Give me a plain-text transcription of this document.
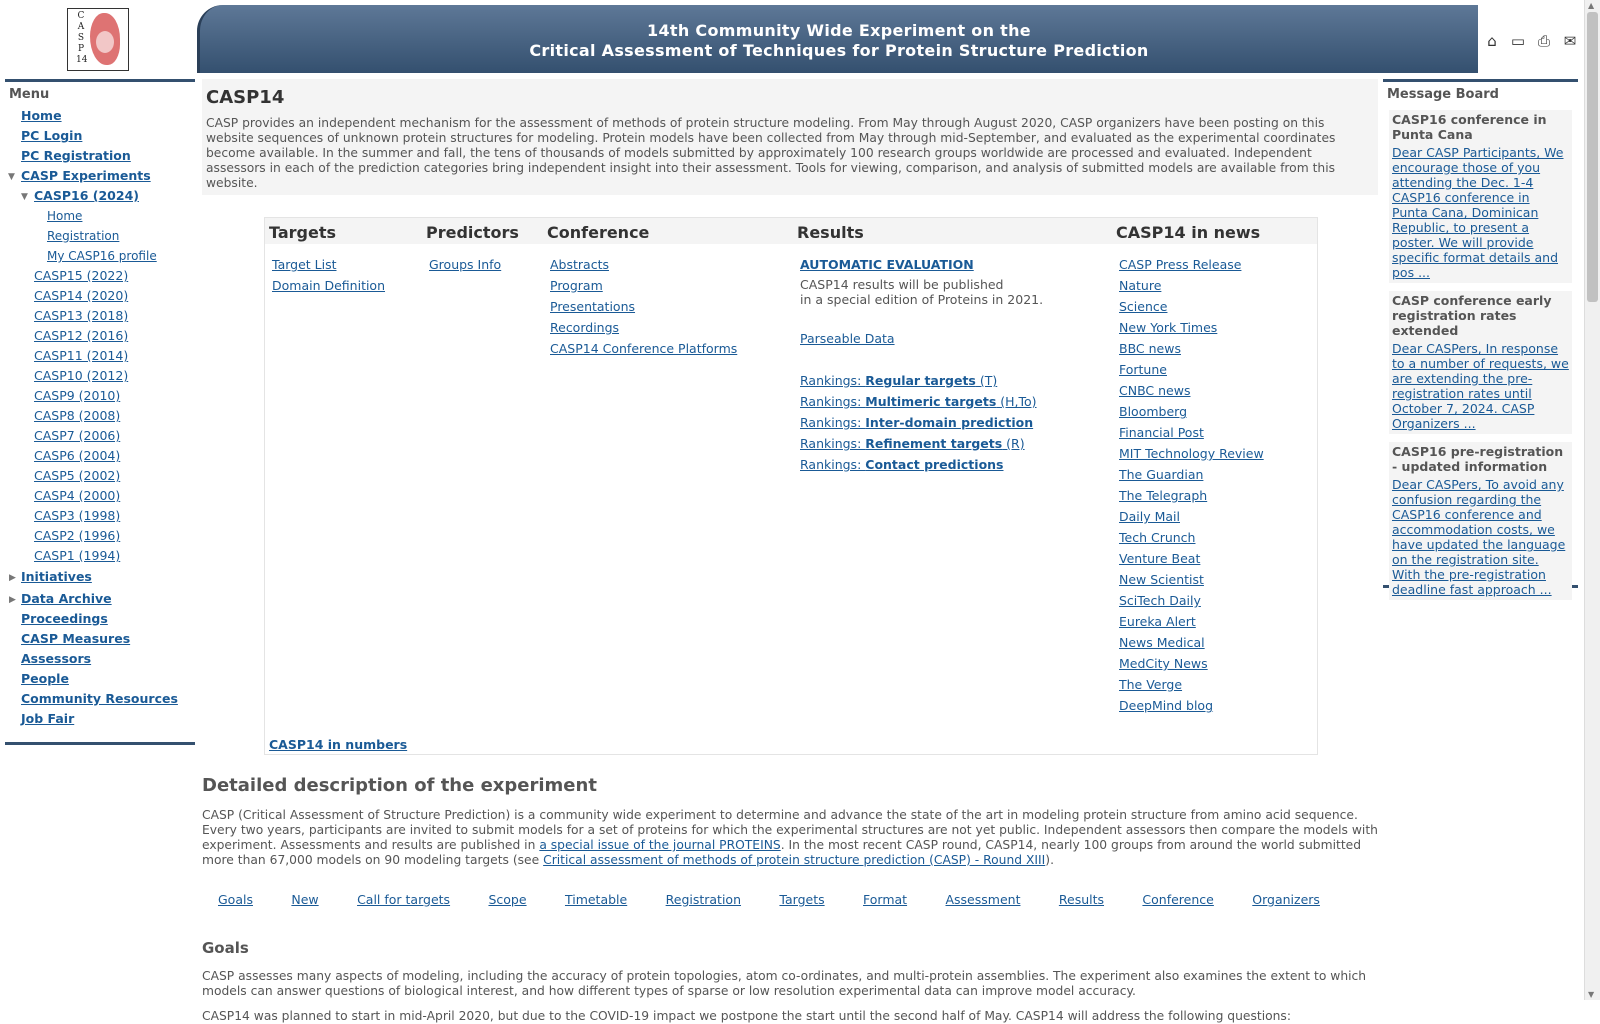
C
A
S
P
14
14th Community Wide Experiment on the
Critical Assessment of Techniques for Protein Structure Prediction	⌂ ▭ ⎙ ✉
Menu
Home
PC Login
PC Registration
▼ CASP Experiments
▼ CASP16 (2024)
Home
Registration
My CASP16 profile
CASP15 (2022)
CASP14 (2020)
CASP13 (2018)
CASP12 (2016)
CASP11 (2014)
CASP10 (2012)
CASP9 (2010)
CASP8 (2008)
CASP7 (2006)
CASP6 (2004)
CASP5 (2002)
CASP4 (2000)
CASP3 (1998)
CASP2 (1996)
CASP1 (1994)
▶ Initiatives
▶ Data Archive
Proceedings
CASP Measures
Assessors
People
Community Resources
Job Fair
CASP14

CASP provides an independent mechanism for the assessment of methods of protein structure modeling. From May through August 2020, CASP organizers have been posting on this website sequences of unknown protein structures for modeling. Protein models have been collected from May through mid-September, and evaluated as the experimental coordinates become available. In the summer and fall, the tens of thousands of models submitted by approximately 100 research groups worldwide are processed and evaluated. Independent assessors in each of the prediction categories bring independent insight into their assessment. Tools for viewing, comparison, and analysis of submitted models are available from this website.

Targets
Target List
Domain Definition
Predictors
Groups Info
Conference
Abstracts
Program
Presentations
Recordings
CASP14 Conference Platforms
Results
AUTOMATIC EVALUATION
CASP14 results will be published
in a special edition of Proteins in 2021.
Parseable Data
Rankings: Regular targets (T)
Rankings: Multimeric targets (H,To)
Rankings: Inter-domain prediction
Rankings: Refinement targets (R)
Rankings: Contact predictions
CASP14 in news
CASP Press Release
Nature
Science
New York Times
BBC news
Fortune
CNBC news
Bloomberg
Financial Post
MIT Technology Review
The Guardian
The Telegraph
Daily Mail
Tech Crunch
Venture Beat
New Scientist
SciTech Daily
Eureka Alert
News Medical
MedCity News
The Verge
DeepMind blog
CASP14 in numbers
Detailed description of the experiment

CASP (Critical Assessment of Structure Prediction) is a community wide experiment to determine and advance the state of the art in modeling protein structure from amino acid sequence. Every two years, participants are invited to submit models for a set of proteins for which the experimental structures are not yet public. Independent assessors then compare the models with experiment. Assessments and results are published in a special issue of the journal PROTEINS. In the most recent CASP round, CASP14, nearly 100 groups from around the world submitted more than 67,000 models on 90 modeling targets (see Critical assessment of methods of protein structure prediction (CASP) - Round XIII).

Goals	New	Call for targets	Scope	Timetable	Registration	Targets	Format	Assessment	Results	Conference	Organizers
Goals

CASP assesses many aspects of modeling, including the accuracy of protein topologies, atom co-ordinates, and multi-protein assemblies. The experiment also examines the extent to which models can answer questions of biological interest, and how different types of sparse or low resolution experimental data can improve model accuracy.

CASP14 was planned to start in mid-April 2020, but due to the COVID-19 impact we postpone the start until the second half of May. CASP14 will address the following questions:

Message Board
CASP16 conference in Punta Cana
Dear CASP Participants, We encourage those of you attending the Dec. 1-4 CASP16 conference in Punta Cana, Dominican Republic, to present a poster. We will provide specific format details and pos ...
CASP conference early registration rates extended
Dear CASPers, In response to a number of requests, we are extending the pre-registration rates until October 7, 2024. CASP Organizers ...
CASP16 pre-registration - updated information
Dear CASPers, To avoid any confusion regarding the CASP16 conference and accommodation costs, we have updated the language on the registration site. With the pre-registration deadline fast approach ...
▲
▼
